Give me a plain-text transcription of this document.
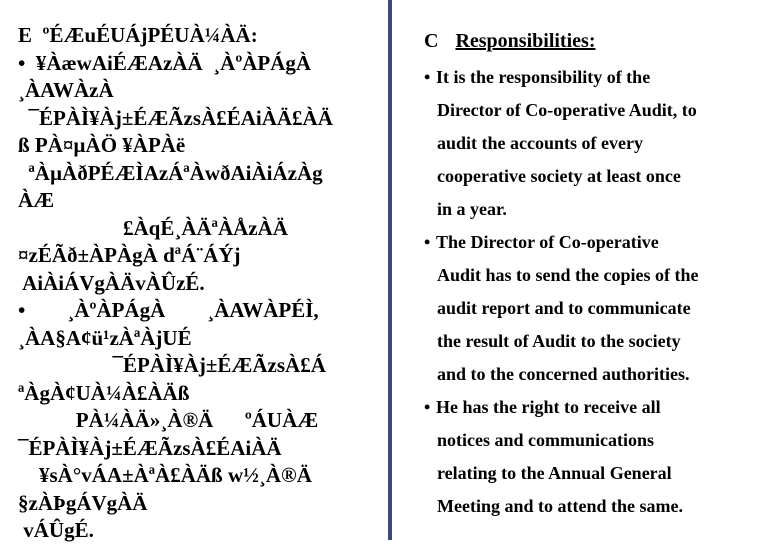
E  ºÉÆuÉUÁjPÉUÀ¼ÀÄ:
•  ¥ÀæwAiÉÆAzÀÄ  ¸ÀºÀPÁgÀ
¸ÀAWÀzÀ
¯ÉPÀÌ¥Àj±ÉÆÃzsÀ£ÉAiÀÄ£ÀÄ
ß PÀ¤µÀÖ ¥ÀPÀë
ªÀµÀðPÉÆÌAzÁªÀwðAiÀiÁzÀg
ÀÆ
£ÀqÉ¸ÀÄªÀÅzÀÄ
¤zÉÃð±ÀPÀgÀ dªÁ¨ÁÝj
AiÀiÁVgÀÄvÀÛzÉ.
•        ¸ÀºÀPÁgÀ        ¸ÀAWÀPÉÌ,
¸ÀA§A¢ü¹zÀªÀjUÉ
¯ÉPÀÌ¥Àj±ÉÆÃzsÀ£Á
ªÀgÀ¢UÀ¼À£ÀÄß
PÀ¼ÀÄ»¸À®Ä      ºÁUÀÆ
¯ÉPÀÌ¥Àj±ÉÆÃzsÀ£ÉAiÀÄ
¥sÀ°vÁA±ÀªÀ£ÀÄß w½¸À®Ä
§zÀÞgÁVgÀÄ
vÁÛgÉ.
C Responsibilities:
• It is the responsibility of the
Director of Co-operative Audit, to
audit the accounts of every
cooperative society at least once
in a year.
• The Director of Co-operative
Audit has to send the copies of the
audit report and to communicate
the result of Audit to the society
and to the concerned authorities.
• He has the right to receive all
notices and communications
relating to the Annual General
Meeting and to attend the same.
